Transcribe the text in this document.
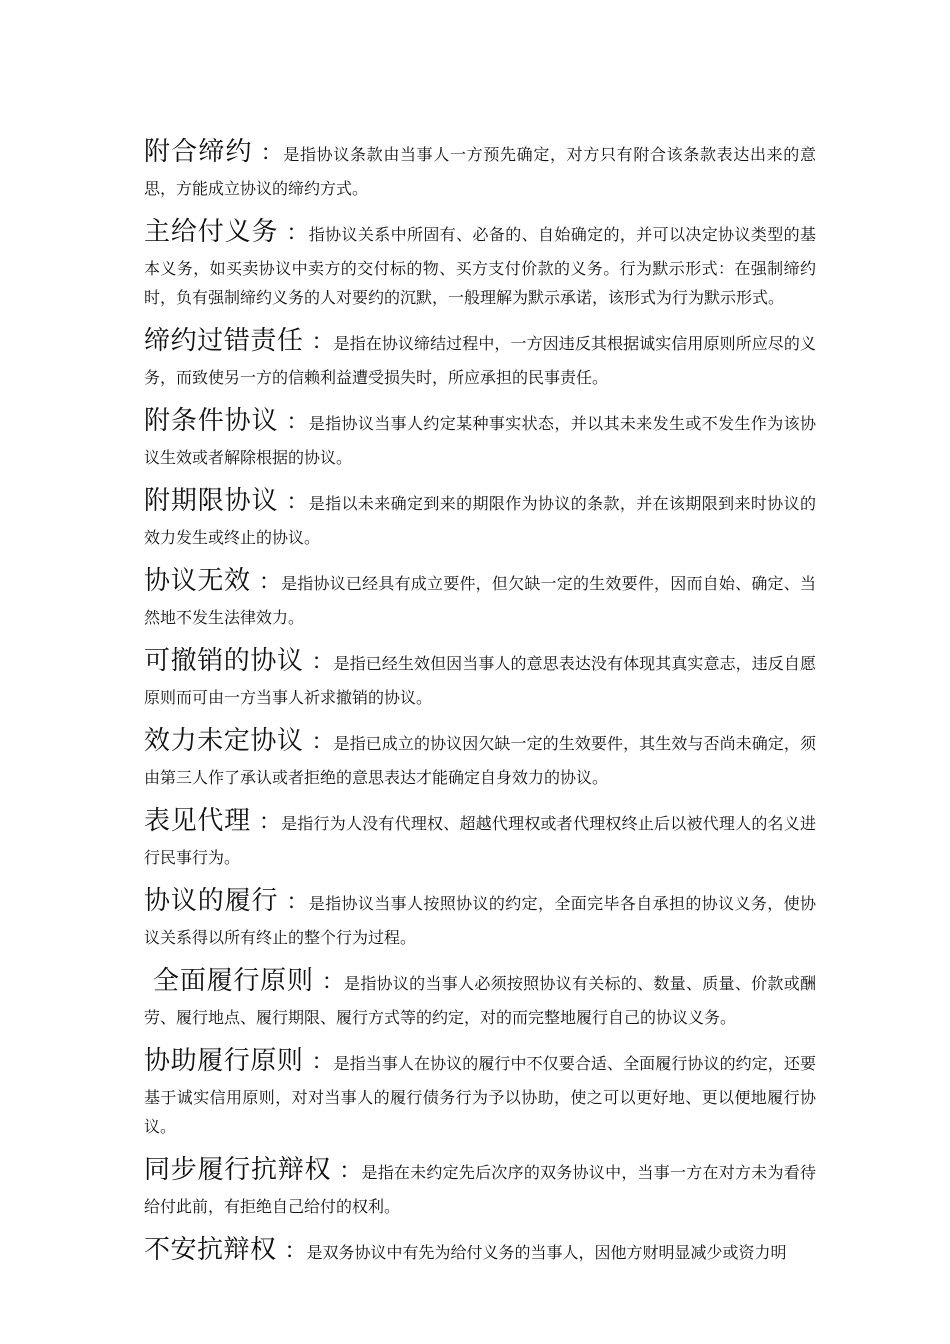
附合缔约 ：是指协议条款由当事人一方预先确定，对方只有附合该条款表达出来的意思，方能成立协议的缔约方式。

主给付义务 ：指协议关系中所固有、必备的、自始确定的，并可以决定协议类型的基本义务，如买卖协议中卖方的交付标的物、买方支付价款的义务。行为默示形式：在强制缔约时，负有强制缔约义务的人对要约的沉默，一般理解为默示承诺，该形式为行为默示形式。

缔约过错责任 ：是指在协议缔结过程中，一方因违反其根据诚实信用原则所应尽的义务，而致使另一方的信赖利益遭受损失时，所应承担的民事责任。

附条件协议 ：是指协议当事人约定某种事实状态，并以其未来发生或不发生作为该协议生效或者解除根据的协议。

附期限协议 ：是指以未来确定到来的期限作为协议的条款，并在该期限到来时协议的效力发生或终止的协议。

协议无效 ：是指协议已经具有成立要件，但欠缺一定的生效要件，因而自始、确定、当然地不发生法律效力。

可撤销的协议 ：是指已经生效但因当事人的意思表达没有体现其真实意志，违反自愿原则而可由一方当事人祈求撤销的协议。

效力未定协议 ：是指已成立的协议因欠缺一定的生效要件，其生效与否尚未确定，须由第三人作了承认或者拒绝的意思表达才能确定自身效力的协议。

表见代理 ：是指行为人没有代理权、超越代理权或者代理权终止后以被代理人的名义进行民事行为。

协议的履行 ：是指协议当事人按照协议的约定，全面完毕各自承担的协议义务，使协议关系得以所有终止的整个行为过程。

全面履行原则 ：是指协议的当事人必须按照协议有关标的、数量、质量、价款或酬劳、履行地点、履行期限、履行方式等的约定，对的而完整地履行自己的协议义务。

协助履行原则 ：是指当事人在协议的履行中不仅要合适、全面履行协议的约定，还要基于诚实信用原则，对对当事人的履行债务行为予以协助，使之可以更好地、更以便地履行协议。

同步履行抗辩权 ：是指在未约定先后次序的双务协议中，当事一方在对方未为看待给付此前，有拒绝自己给付的权利。

不安抗辩权 ：是双务协议中有先为给付义务的当事人，因他方财明显减少或资力明
